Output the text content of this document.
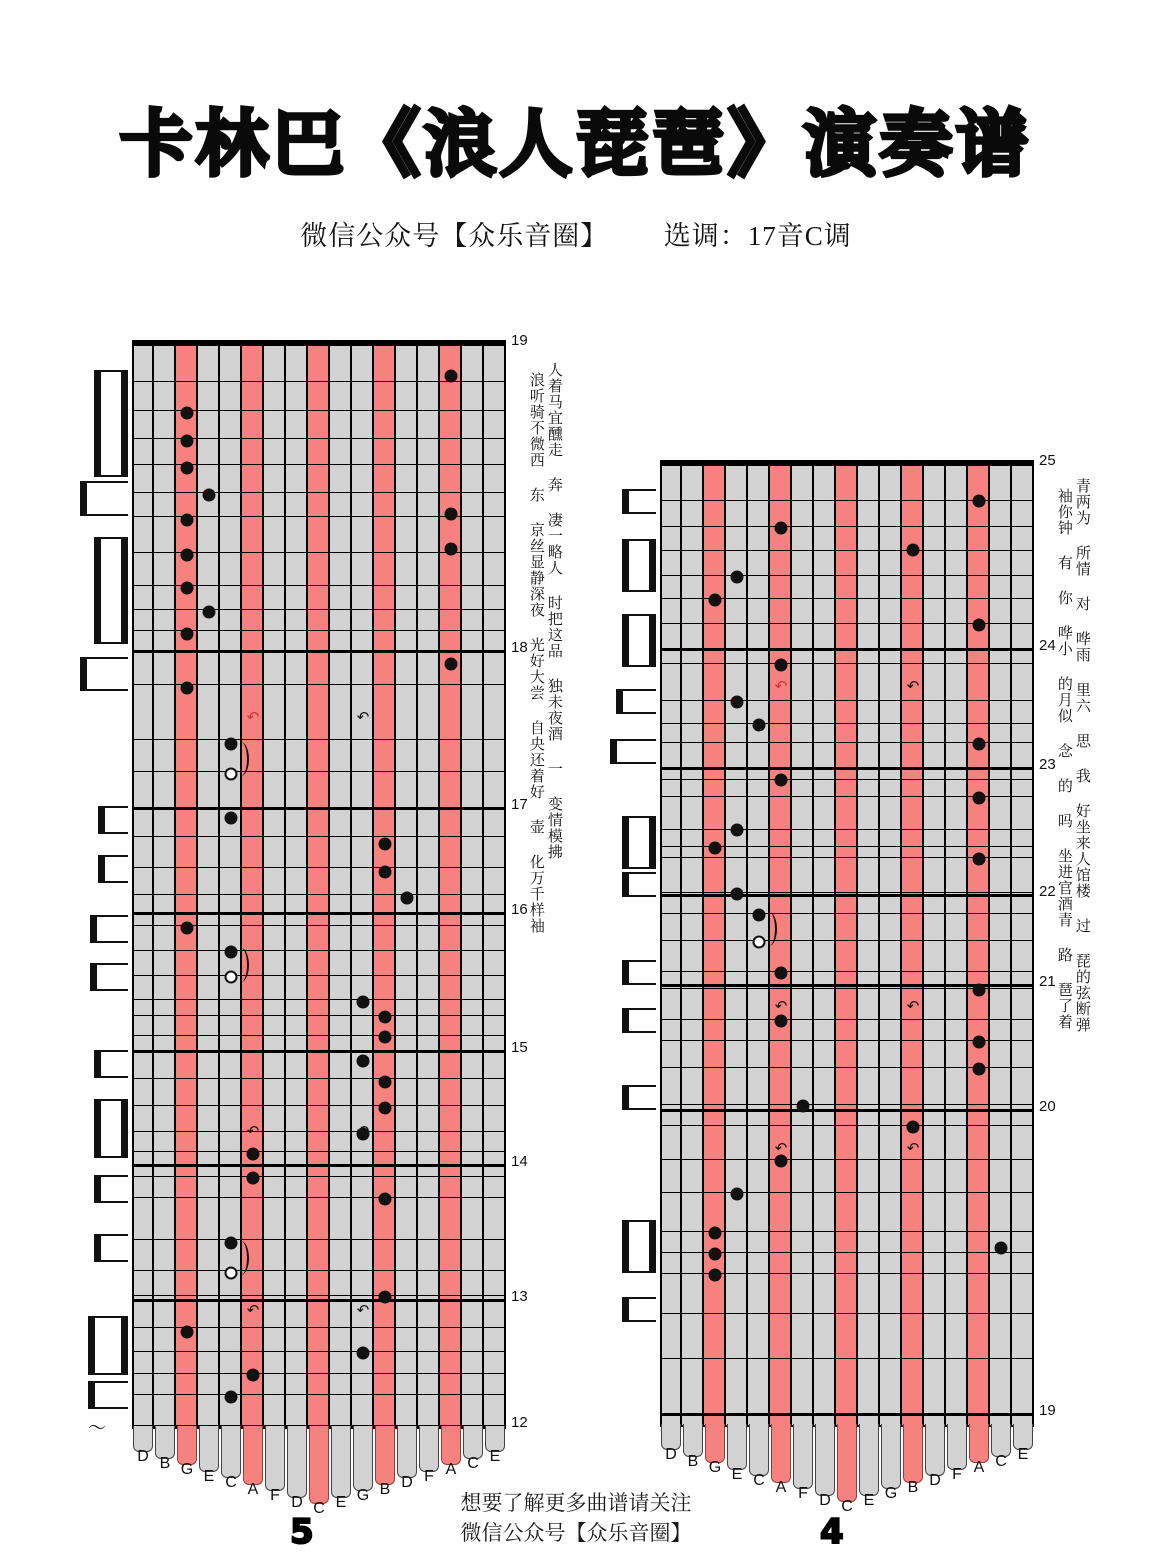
卡林巴《浪人琵琶》演奏谱
微信公众号【众乐音圈】 选调：17音C调
↶	↶
↶	↶
↶	↶
D B G E C A F D C E G B D F A C E
〜
19
18
17
16
15
14
13
12
人着马宜醺走 奔 凄一略人 时把这品 独未夜酒 一 变情模拂
浪听骑不微西 东 京丝显静深夜 光好大尝 自央还着好 壶 化万千样袖	↶	↶
↶	↶
↶	↶
D B G E C A F D C E G B D F A C E
25
24
23
22
21
20
19
青两为 所情 对 哗雨 里六 思 我 好坐来人馆楼 过 琵的弦断弹
袖你钟 有 你 哗小 的月似 念 的 吗 坐进官酒青 路 琶了着
想要了解更多曲谱请关注
微信公众号【众乐音圈】	4
5
